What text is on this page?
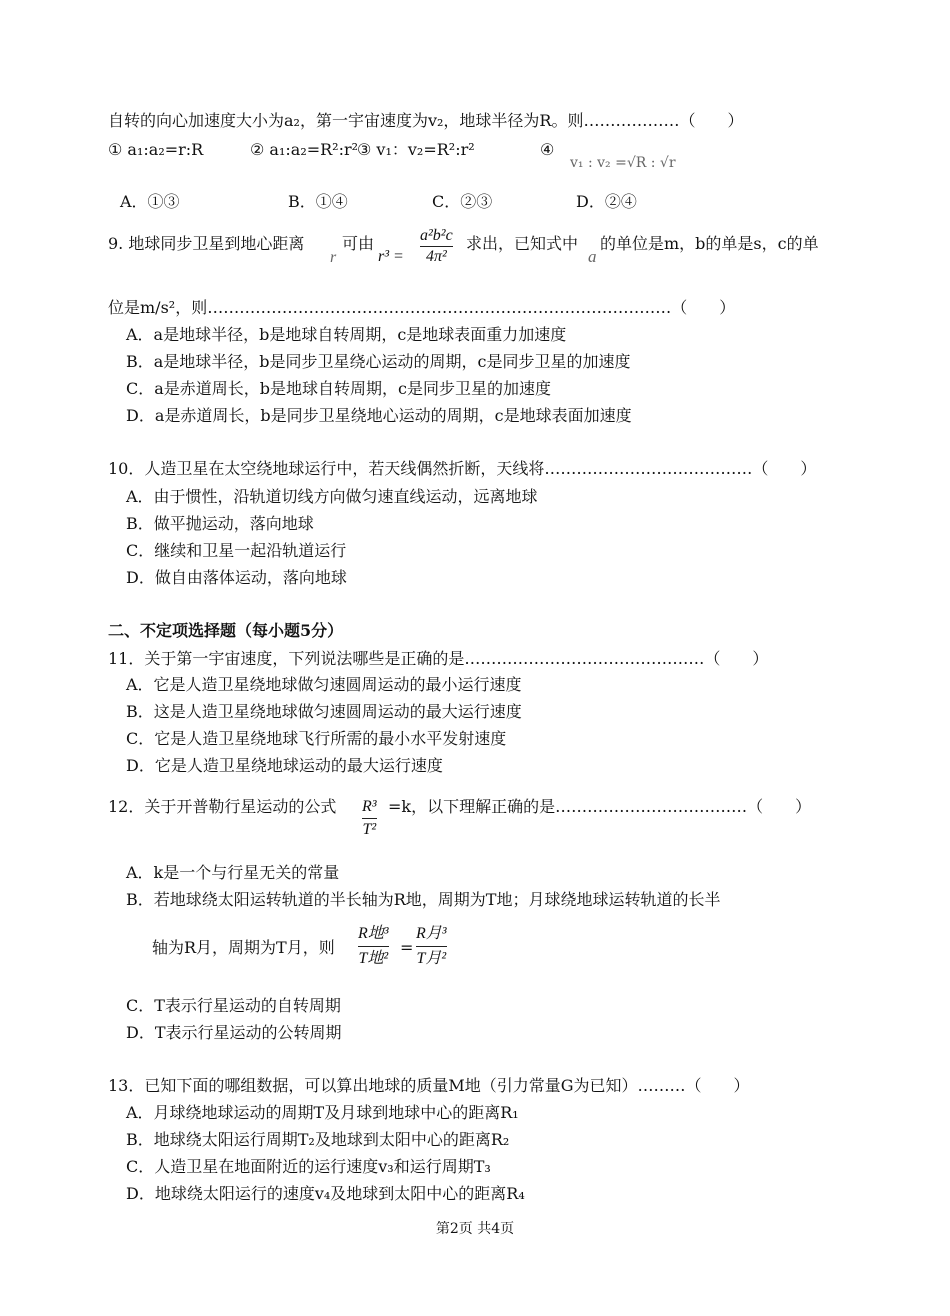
自转的向心加速度大小为a₂，第一宇宙速度为v₂，地球半径为R。则………………（　　）
① a₁:a₂=r:R	② a₁:a₂=R²:r²
③ v₁：v₂=R²:r²	④
v₁ : v₂ =√R : √r
A．①③	B．①④	C．②③	D．②④
9. 地球同步卫星到地心距离
r
可由
$r^3 = \frac{\text{a²b²c}}{\text{4π²}}$ 求出，已知式中
a
的单位是m，b的单是s，c的单
位是m/s²，则……………………………………………………………………………（　　）
A．a是地球半径，b是地球自转周期，c是地球表面重力加速度
B．a是地球半径，b是同步卫星绕心运动的周期，c是同步卫星的加速度
C．a是赤道周长，b是地球自转周期，c是同步卫星的加速度
D．a是赤道周长，b是同步卫星绕地心运动的周期，c是地球表面加速度
10．人造卫星在太空绕地球运行中，若天线偶然折断，天线将…………………………………（　　）
A．由于惯性，沿轨道切线方向做匀速直线运动，远离地球
B．做平抛运动，落向地球
C．继续和卫星一起沿轨道运行
D．做自由落体运动，落向地球
二、不定项选择题（每小题5分）
11．关于第一宇宙速度，下列说法哪些是正确的是………………………………………（　　）
A．它是人造卫星绕地球做匀速圆周运动的最小运行速度
B．这是人造卫星绕地球做匀速圆周运动的最大运行速度
C．它是人造卫星绕地球飞行所需的最小水平发射速度
D．它是人造卫星绕地球运动的最大运行速度
12．关于开普勒行星运动的公式 $\frac{\text{R³}}{\text{T²}} =k$，以下理解正确的是………………………………（　　）
A．k是一个与行星无关的常量
B．若地球绕太阳运转轨道的半长轴为R地，周期为T地；月球绕地球运转轨道的长半
轴为R月，周期为T月，则 $\frac{\text{R地³}}{\text{T地²}} = \frac{\text{R月³}}{\text{T月²}}$
C．T表示行星运动的自转周期
D．T表示行星运动的公转周期
13．已知下面的哪组数据，可以算出地球的质量M地（引力常量G为已知）………（　　）
A．月球绕地球运动的周期T及月球到地球中心的距离R₁
B．地球绕太阳运行周期T₂及地球到太阳中心的距离R₂
C．人造卫星在地面附近的运行速度v₃和运行周期T₃
D．地球绕太阳运行的速度v₄及地球到太阳中心的距离R₄
第2页 共4页
